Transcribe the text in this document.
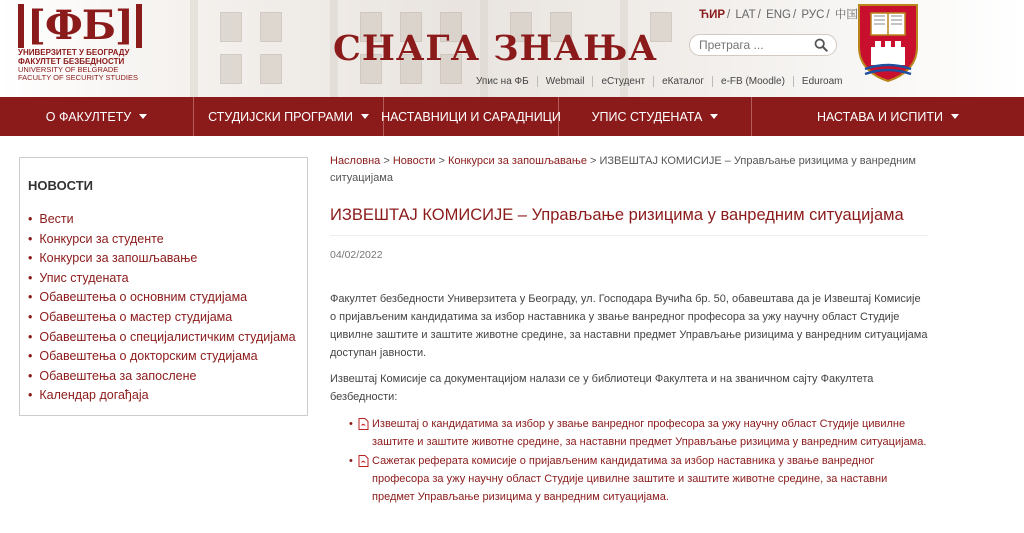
[ФБ]
УНИВЕРЗИТЕТ У БЕОГРАДУ
ФАКУЛТЕТ БЕЗБЕДНОСТИ
UNIVERSITY OF BELGRADE
FACULTY OF SECURITY STUDIES
СНАГА ЗНАЊА
ЋИР / LAT / ENG / РУС / 中国
Претрага ...
Упис на ФБ	Webmail	еСтудент	еКаталог	e-FB (Moodle)	Eduroam
О ФАКУЛТЕТУ	СТУДИЈСКИ ПРОГРАМИ НАСТАВНИЦИ И САРАДНИЦИ УПИС СТУДЕНАТА	НАСТАВА И ИСПИТИ
НОВОСТИ
• Вести
• Конкурси за студенте
• Конкурси за запошљавање
• Упис студената
• Обавештења о основним студијама
• Обавештења о мастер студијама
• Обавештења о специјалистичким студијама
• Обавештења о докторским студијама
• Обавештења за запослене
• Календар догађаја
Насловна > Новости > Конкурси за запошљавање > ИЗВЕШТАЈ КОМИСИЈЕ – Управљање ризицима у ванредним ситуацијама
ИЗВЕШТАЈ КОМИСИЈЕ – Управљање ризицима у ванредним ситуацијама
04/02/2022

Факултет безбедности Универзитета у Београду, ул. Господара Вучића бр. 50, обавештава да је Извештај Комисије о пријављеним кандидатима за избор наставника у звање ванредног професора за ужу научну област Студије цивилне заштите и заштите животне средине, за наставни предмет Управљање ризицима у ванредним ситуацијама доступан јавности.

Извештај Комисије са документацијом налази се у библиотеци Факултета и на званичном сајту Факултета безбедности:

• Извештај о кандидатима за избор у звање ванредног професора за ужу научну област Студије цивилне заштите и заштите животне средине, за наставни предмет Управљање ризицима у ванредним ситуацијама.
• Сажетак реферата комисије о пријављеним кандидатима за избор наставника у звање ванредног професора за ужу научну област Студије цивилне заштите и заштите животне средине, за наставни предмет Управљање ризицима у ванредним ситуацијама.
